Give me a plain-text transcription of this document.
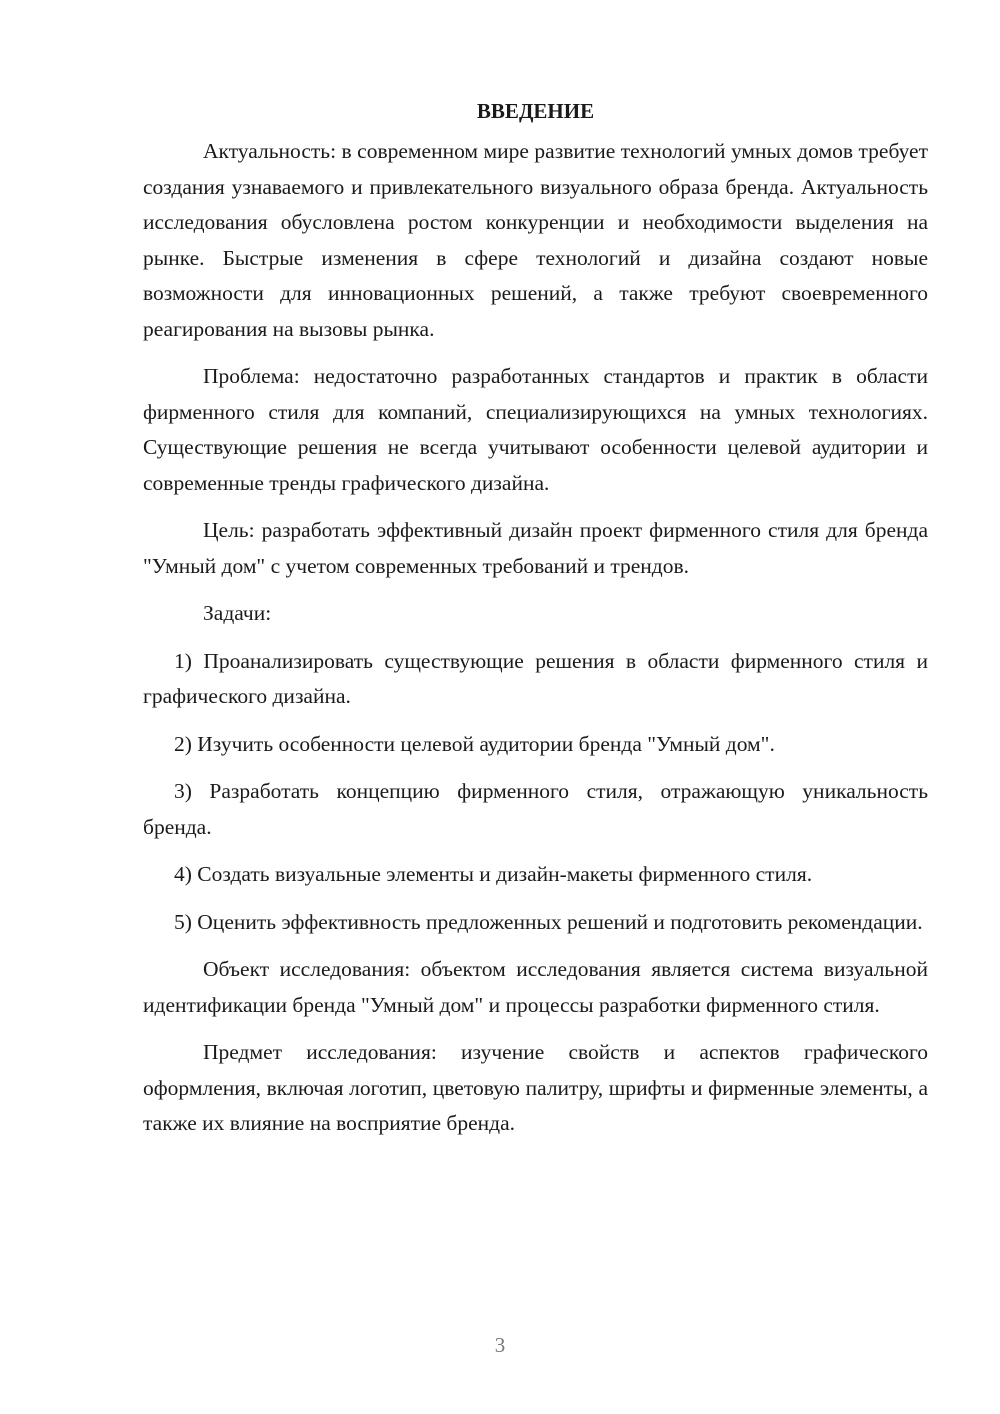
ВВЕДЕНИЕ

Актуальность: в современном мире развитие технологий умных домов требует создания узнаваемого и привлекательного визуального образа бренда. Актуальность исследования обусловлена ростом конкуренции и необходимости выделения на рынке. Быстрые изменения в сфере технологий и дизайна создают новые возможности для инновационных решений, а также требуют своевременного реагирования на вызовы рынка.

Проблема: недостаточно разработанных стандартов и практик в области фирменного стиля для компаний, специализирующихся на умных технологиях. Существующие решения не всегда учитывают особенности целевой аудитории и современные тренды графического дизайна.

Цель: разработать эффективный дизайн проект фирменного стиля для бренда "Умный дом" с учетом современных требований и трендов.

Задачи:

1) Проанализировать существующие решения в области фирменного стиля и графического дизайна.

2) Изучить особенности целевой аудитории бренда "Умный дом".

3) Разработать концепцию фирменного стиля, отражающую уникальность бренда.

4) Создать визуальные элементы и дизайн-макеты фирменного стиля.

5) Оценить эффективность предложенных решений и подготовить рекомендации.

Объект исследования: объектом исследования является система визуальной идентификации бренда "Умный дом" и процессы разработки фирменного стиля.

Предмет исследования: изучение свойств и аспектов графического оформления, включая логотип, цветовую палитру, шрифты и фирменные элементы, а также их влияние на восприятие бренда.

3
